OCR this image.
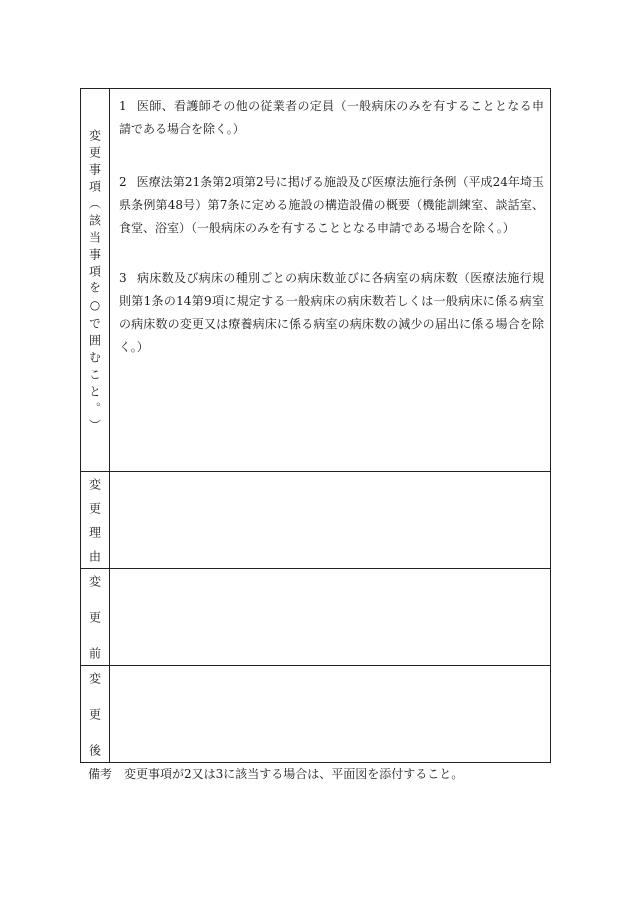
変
更
事
項
（
該
当
事
項
を
○
で
囲
む
こ
と
。
）
1 医師、看護師その他の従業者の定員（一般病床のみを有することとなる申請である場合を除く。）
2 医療法第21条第2項第2号に掲げる施設及び医療法施行条例（平成24年埼玉県条例第48号）第7条に定める施設の構造設備の概要（機能訓練室、談話室、食堂、浴室）（一般病床のみを有することとなる申請である場合を除く。）
3 病床数及び病床の種別ごとの病床数並びに各病室の病床数（医療法施行規則第1条の14第9項に規定する一般病床の病床数若しくは一般病床に係る病室の病床数の変更又は療養病床に係る病室の病床数の減少の届出に係る場合を除く。）
変
更
理
由
変
更
前
変
更
後
備考 変更事項が2又は3に該当する場合は、平面図を添付すること。
